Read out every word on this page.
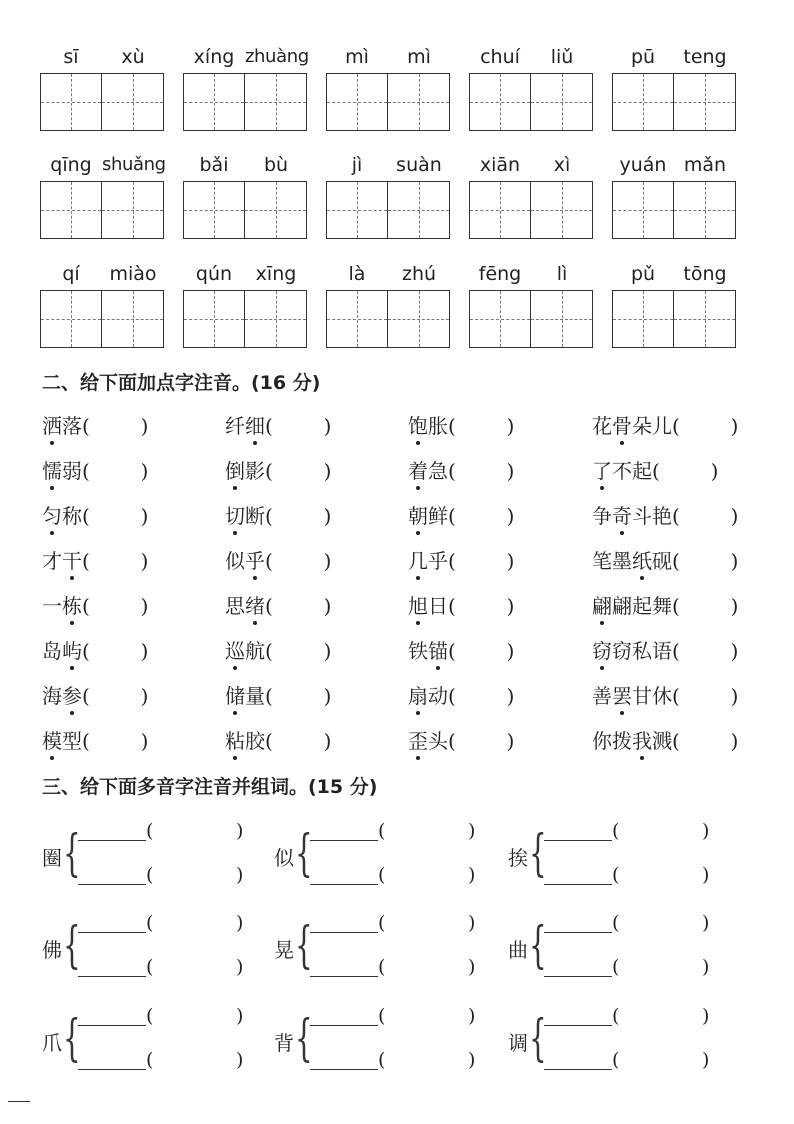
sī	xù	xíng zhuàng	mì	mì	chuí	liǔ	pū	teng
qīng shuǎng	bǎi	bù	jì	suàn	xiān	xì	yuán mǎn
qí	miào	qún	xīng	là	zhú	fēng	lì	pǔ	tōng
二、给下面加点字注音。(16 分)
洒落(        )	纤细(        )	饱胀(        )	花骨朵儿(        )
懦弱(        )	倒影(        )	着急(        )	了不起(        )
匀称(        )	切断(        )	朝鲜(        )	争奇斗艳(        )
才干(        )	似乎(        )	几乎(        )	笔墨纸砚(        )
一栋(        )	思绪(        )	旭日(        )	翩翩起舞(        )
岛屿(        )	巡航(        )	铁锚(        )	窃窃私语(        )
海参(        )	储量(        )	扇动(        )	善罢甘休(        )
模型(        )	粘胶(        )	歪头(        )	你拨我溅(        )
三、给下面多音字注音并组词。(15 分)
圈 {	(	)
(	)
似 {	(	)
(	)
挨 {	(	)
(	)
佛 {	(	)
(	)
晃 {	(	)
(	)
曲 {	(	)
(	)
爪 {	(	)
(	)
背 {	(	)
(	)
调 {	(	)
(	)
